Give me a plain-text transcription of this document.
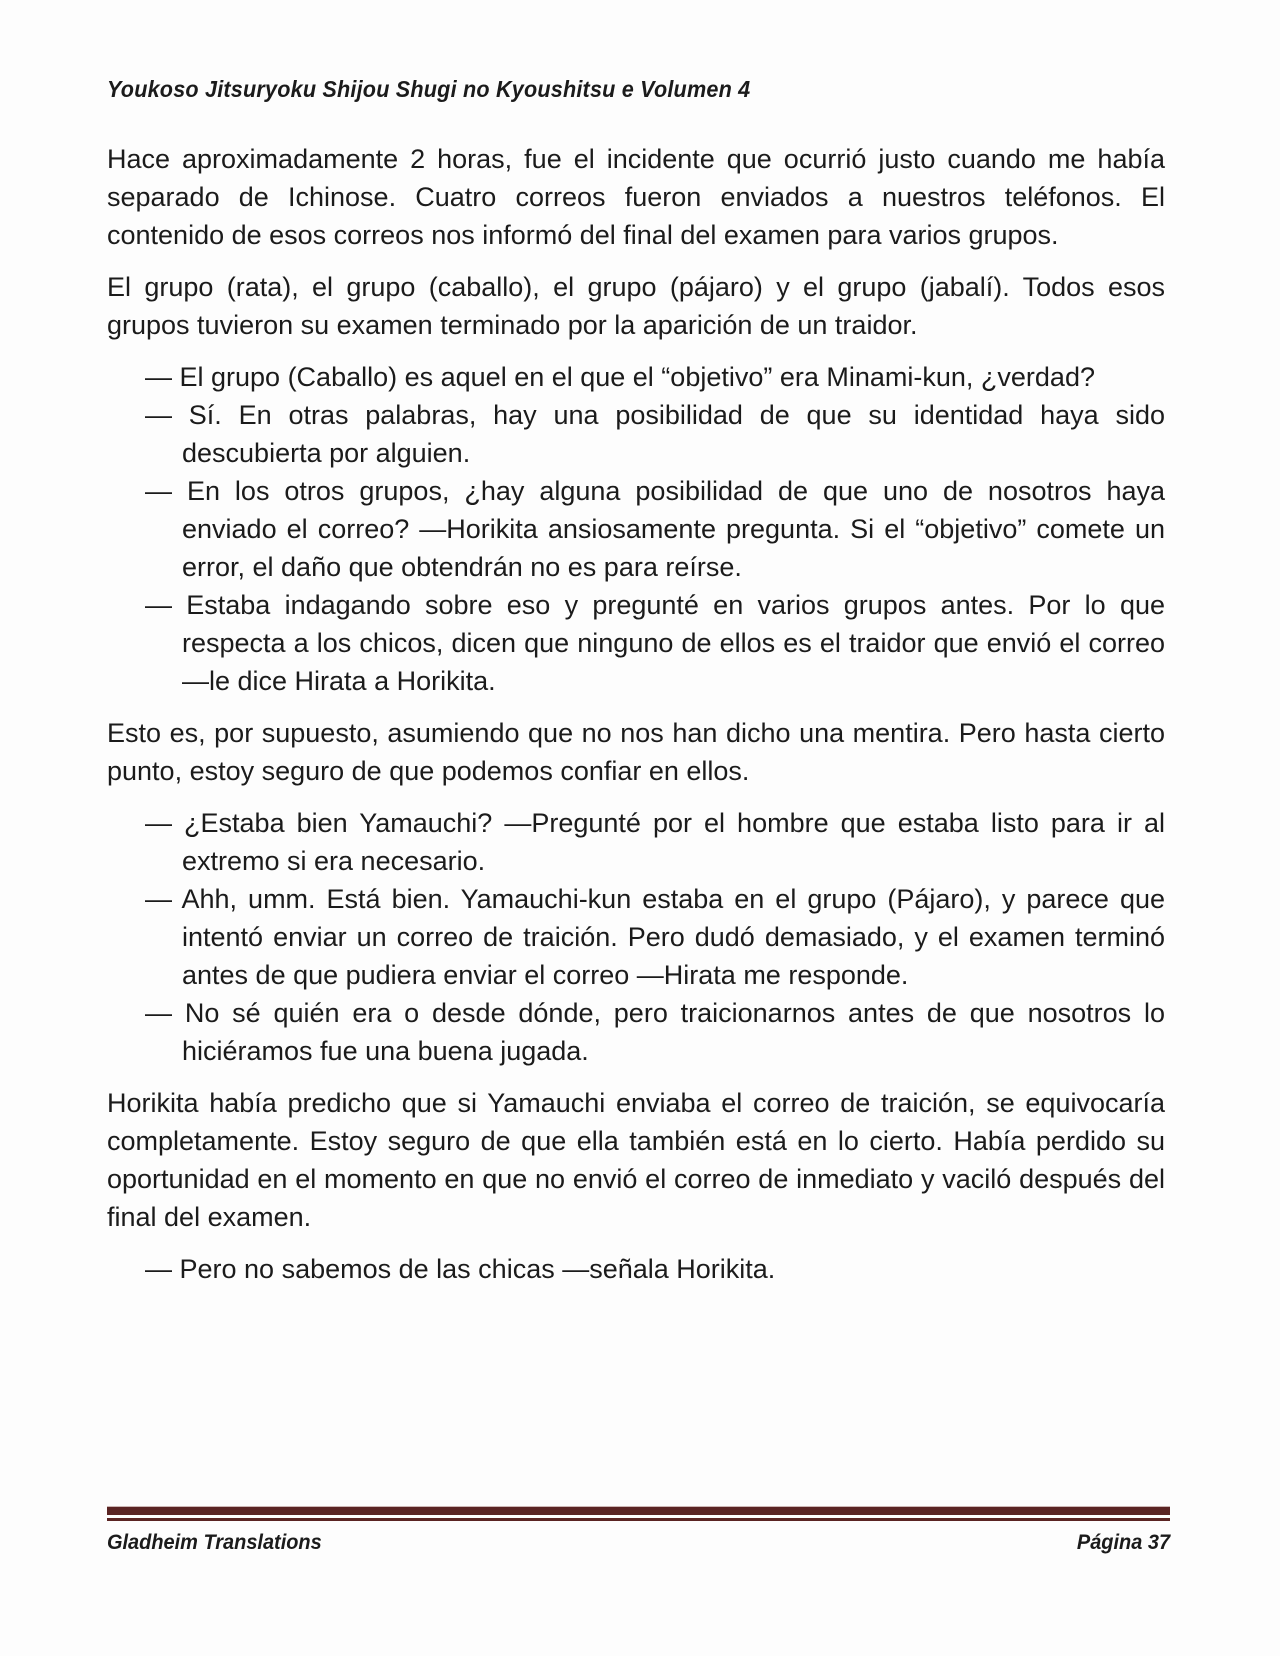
Youkoso Jitsuryoku Shijou Shugi no Kyoushitsu e Volumen 4

Hace aproximadamente 2 horas, fue el incidente que ocurrió justo cuando me había separado de Ichinose. Cuatro correos fueron enviados a nuestros teléfonos. El contenido de esos correos nos informó del final del examen para varios grupos.

El grupo (rata), el grupo (caballo), el grupo (pájaro) y el grupo (jabalí). Todos esos grupos tuvieron su examen terminado por la aparición de un traidor.

— El grupo (Caballo) es aquel en el que el “objetivo” era Minami-kun, ¿verdad?

— Sí. En otras palabras, hay una posibilidad de que su identidad haya sido descubierta por alguien.

— En los otros grupos, ¿hay alguna posibilidad de que uno de nosotros haya enviado el correo? —Horikita ansiosamente pregunta. Si el “objetivo” comete un error, el daño que obtendrán no es para reírse.

— Estaba indagando sobre eso y pregunté en varios grupos antes. Por lo que respecta a los chicos, dicen que ninguno de ellos es el traidor que envió el correo —le dice Hirata a Horikita.

Esto es, por supuesto, asumiendo que no nos han dicho una mentira. Pero hasta cierto punto, estoy seguro de que podemos confiar en ellos.

— ¿Estaba bien Yamauchi? —Pregunté por el hombre que estaba listo para ir al extremo si era necesario.

— Ahh, umm. Está bien. Yamauchi-kun estaba en el grupo (Pájaro), y parece que intentó enviar un correo de traición. Pero dudó demasiado, y el examen terminó antes de que pudiera enviar el correo —Hirata me responde.

— No sé quién era o desde dónde, pero traicionarnos antes de que nosotros lo hiciéramos fue una buena jugada.

Horikita había predicho que si Yamauchi enviaba el correo de traición, se equivocaría completamente. Estoy seguro de que ella también está en lo cierto. Había perdido su oportunidad en el momento en que no envió el correo de inmediato y vaciló después del final del examen.

— Pero no sabemos de las chicas —señala Horikita.

Gladheim Translations	Página 37
